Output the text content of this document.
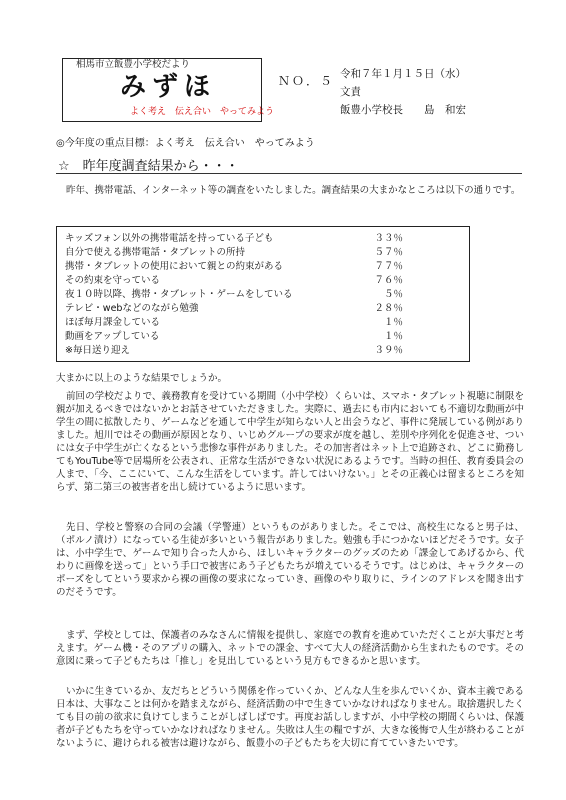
相馬市立飯豊小学校だより
みずほ
よく考え　伝え合い　やってみよう
ＮＯ．５ 令和７年１月１５日（水）
文責
飯豊小学校長　　島　和宏
◎今年度の重点目標：よく考え　伝え合い　やってみよう
☆　昨年度調査結果から・・・

昨年、携帯電話、インターネット等の調査をいたしました。調査結果の大まかなところは以下の通りです。

キッズフォン以外の携帯電話を持っている子ども	３３％
自分で使える携帯電話・タブレットの所持	５７％
携帯・タブレットの使用において親との約束がある	７７％
その約束を守っている	７６％
夜１０時以降、携帯・タブレット・ゲームをしている	５％
テレビ・webなどのながら勉強	２８％
ほぼ毎月課金している	１％
動画をアップしている	１％
※毎日送り迎え	３９％
大まかに以上のような結果でしょうか。

前回の学校だよりで、義務教育を受けている期間（小中学校）くらいは、スマホ・タブレット視聴に制限を親が加えるべきではないかとお話させていただきました。実際に、過去にも市内においても不適切な動画が中学生の間に拡散したり、ゲームなどを通して中学生が知らない人と出会うなど、事件に発展している例がありました。旭川ではその動画が原因となり、いじめグループの要求が度を越し、差別や序列化を促進させ、ついには女子中学生が亡くなるという悲惨な事件がありました。その加害者はネット上で追跡され、どこに勤務してもYouTube等で居場所を公表され、正常な生活ができない状況にあるようです。当時の担任、教育委員会の人まで、「今、ここにいて、こんな生活をしています。許してはいけない。」とその正義心は留まるところを知らず、第二第三の被害者を出し続けているように思います。

先日、学校と警察の合同の会議（学警連）というものがありました。そこでは、高校生になると男子は、（ポルノ漬け）になっている生徒が多いという報告がありました。勉強も手につかないほどだそうです。女子は、小中学生で、ゲームで知り合った人から、ほしいキャラクターのグッズのため「課金してあげるから、代わりに画像を送って」という手口で被害にあう子どもたちが増えているそうです。はじめは、キャラクターのポーズをしてという要求から裸の画像の要求になっていき、画像のやり取りに、ラインのアドレスを聞き出すのだそうです。

まず、学校としては、保護者のみなさんに情報を提供し、家庭での教育を進めていただくことが大事だと考えます。ゲーム機・そのアプリの購入、ネットでの課金、すべて大人の経済活動から生まれたものです。その意図に乗って子どもたちは「推し」を見出しているという見方もできるかと思います。

いかに生きているか、友だちとどういう関係を作っていくか、どんな人生を歩んでいくか、資本主義である日本は、大事なことは何かを踏まえながら、経済活動の中で生きていかなければなりません。取捨選択したくても目の前の欲求に負けてしまうことがしばしばです。再度お話ししますが、小中学校の期間くらいは、保護者が子どもたちを守っていかなければなりません。失敗は人生の糧ですが、大きな後悔で人生が終わることがないように、避けられる被害は避けながら、飯豊小の子どもたちを大切に育てていきたいです。
